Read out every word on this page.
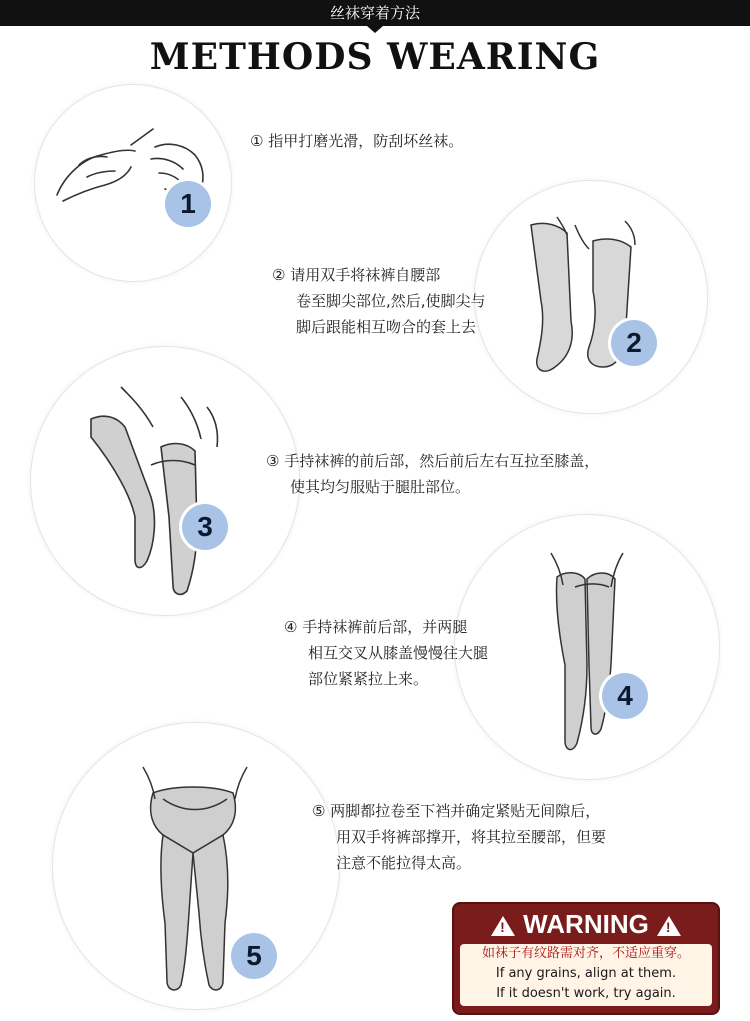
丝袜穿着方法
METHODS WEARING
1
① 指甲打磨光滑，防刮坏丝袜。
2
② 请用双手将袜裤自腰部
卷至脚尖部位,然后,使脚尖与
脚后跟能相互吻合的套上去
3
③ 手持袜裤的前后部，然后前后左右互拉至膝盖，
使其均匀服贴于腿肚部位。
4
④ 手持袜裤前后部，并两腿
相互交叉从膝盖慢慢往大腿
部位紧紧拉上来。
5
⑤ 两脚都拉卷至下裆并确定紧贴无间隙后，
用双手将裤部撑开，将其拉至腰部，但要
注意不能拉得太高。
!WARNING!
如袜子有纹路需对齐，不适应重穿。
If any grains, align at them.
If it doesn't work, try again.
